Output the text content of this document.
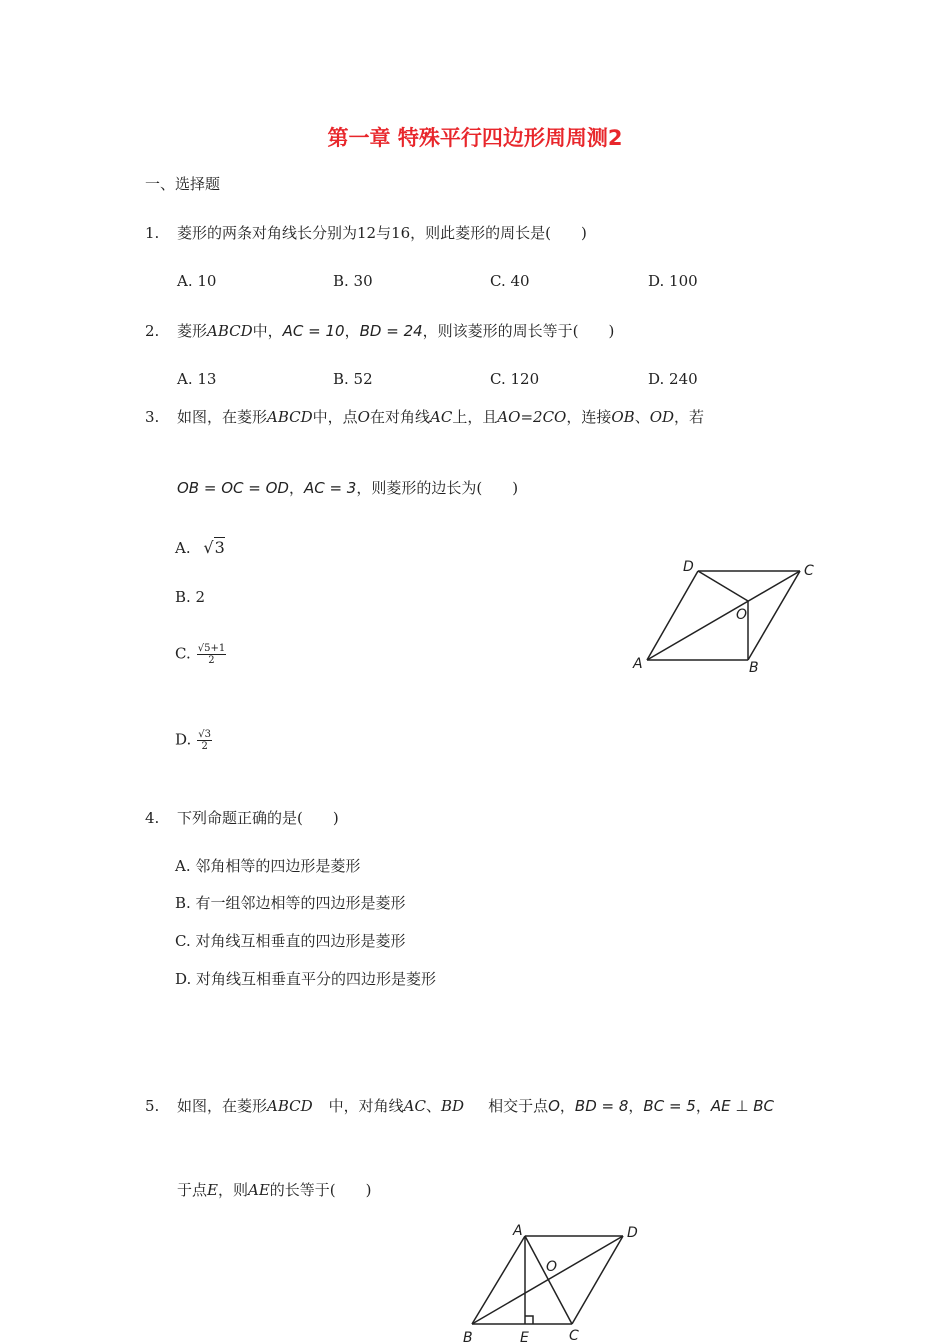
第一章 特殊平行四边形周周测2
一、选择题
1. 菱形的两条对角线长分别为12与16，则此菱形的周长是(　　)
A. 10	B. 30	C. 40	D. 100
2. 菱形ABCD中，AC = 10，BD = 24，则该菱形的周长等于(　　)
A. 13	B. 52	C. 120	D. 240
3. 如图，在菱形ABCD中，点O在对角线AC上，且AO=2CO，连接OB、OD，若
OB = OC = OD，AC = 3，则菱形的边长为(　　)
A. √3
B. 2
C. $\frac{√5+1}{2}$
D. $\frac{√3}{2}$
D	C
O
A	B
4. 下列命题正确的是(　　)
A. 邻角相等的四边形是菱形
B. 有一组邻边相等的四边形是菱形
C. 对角线互相垂直的四边形是菱形
D. 对角线互相垂直平分的四边形是菱形
5. 如图，在菱形ABCD 中，对角线AC、BD 相交于点O，BD = 8，BC = 5，AE ⊥ BC
于点E，则AE的长等于(　　)
A	D
O
B	E	C
